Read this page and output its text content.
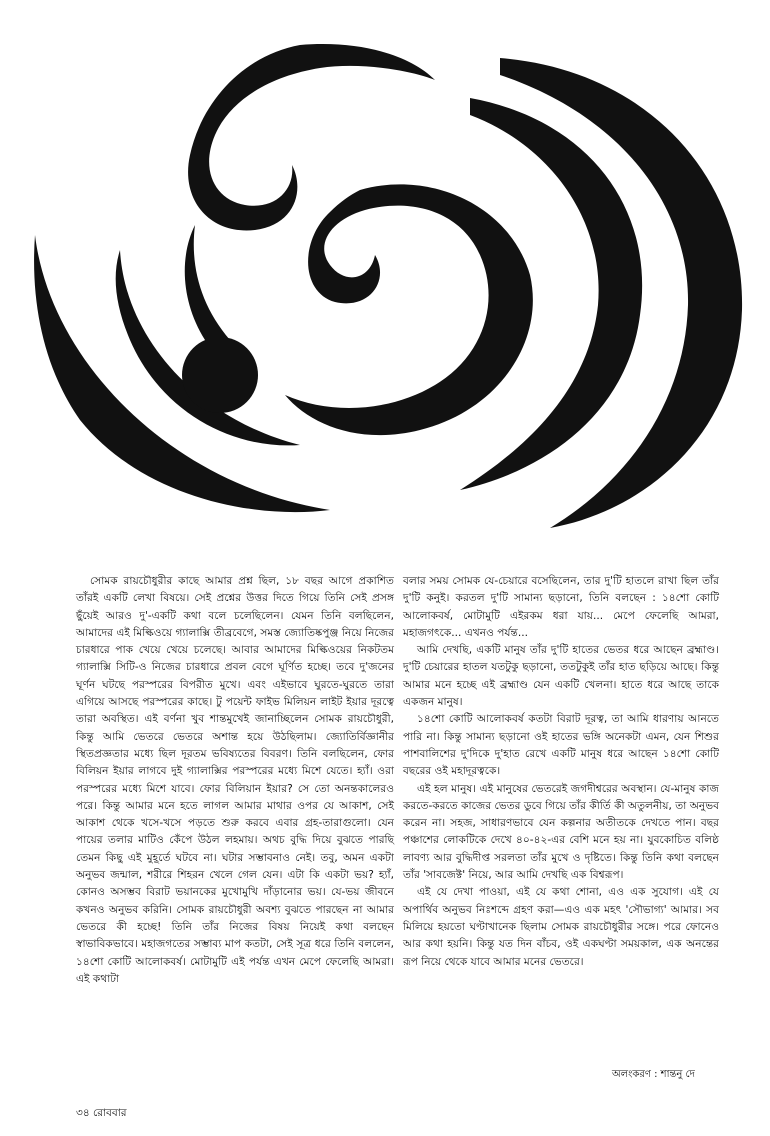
সোমক রায়চৌধুরীর কাছে আমার প্রশ্ন ছিল, ১৮ বছর আগে প্রকাশিত তাঁরই একটি লেখা বিষয়ে। সেই প্রশ্নের উত্তর দিতে গিয়ে তিনি সেই প্রসঙ্গ ছুঁয়েই আরও দু'-একটি কথা বলে চলেছিলেন। যেমন তিনি বলছিলেন, আমাদের এই মিল্কিওয়ে গ্যালাক্সি তীব্রবেগে, সমস্ত জ্যোতিষ্কপুঞ্জ নিয়ে নিজের চারধারে পাক খেয়ে খেয়ে চলেছে। আবার আমাদের মিল্কিওয়ের নিকটতম গ্যালাক্সি সিটি-ও নিজের চারধারে প্রবল বেগে ঘূর্ণিত হচ্ছে। তবে দু'জনের ঘূর্ণন ঘটছে পরস্পরের বিপরীত মুখে। এবং এইভাবে ঘুরতে-ঘুরতে তারা এগিয়ে আসছে পরস্পরের কাছে। টু পয়েন্ট ফাইভ মিলিয়ন লাইট ইয়ার দূরত্বে তারা অবস্থিত। এই বর্ণনা খুব শান্তমুখেই জানাচ্ছিলেন সোমক রায়চৌধুরী, কিন্তু আমি ভেতরে ভেতরে অশান্ত হয়ে উঠছিলাম। জ্যোতির্বিজ্ঞানীর স্থিতপ্রজ্ঞতার মধ্যে ছিল দূরতম ভবিষ্যতের বিবরণ। তিনি বলছিলেন, ফোর বিলিয়ন ইয়ার লাগবে দুই গ্যালাক্সির পরস্পরের মধ্যে মিশে যেতে। হ্যাঁ। ওরা পরস্পরের মধ্যে মিশে যাবে। ফোর বিলিয়ান ইয়ার? সে তো অনন্তকালেরও পরে। কিন্তু আমার মনে হতে লাগল আমার মাথার ওপর যে আকাশ, সেই আকাশ থেকে খসে-খসে পড়তে শুরু করবে এবার গ্রহ-তারাগুলো। যেন পায়ের তলার মাটিও কেঁপে উঠল লহমায়। অথচ বুদ্ধি দিয়ে বুঝতে পারছি তেমন কিছু এই মুহূর্তে ঘটবে না। ঘটার সম্ভাবনাও নেই। তবু, অমন একটা অনুভব জন্মাল, শরীরে শিহরন খেলে গেল যেন। এটা কি একটা ভয়? হ্যাঁ, কোনও অসম্ভব বিরাট ভয়ানকের মুখোমুখি দাঁড়ানোর ভয়। যে-ভয় জীবনে কখনও অনুভব করিনি। সোমক রায়চৌধুরী অবশ্য বুঝতে পারছেন না আমার ভেতরে কী হচ্ছে! তিনি তাঁর নিজের বিষয় নিয়েই কথা বলছেন স্বাভাবিকভাবে। মহাজগতের সম্ভাব্য মাপ কতটা, সেই সূত্র ধরে তিনি বললেন, ১৪শো কোটি আলোকবর্ষ। মোটামুটি এই পর্যন্ত এখন মেপে ফেলেছি আমরা। এই কথাটা

বলার সময় সোমক যে-চেয়ারে বসেছিলেন, তার দু'টি হাতলে রাখা ছিল তাঁর দু'টি কনুই। করতল দু'টি সামান্য ছড়ানো, তিনি বলছেন : ১৪শো কোটি আলোকবর্ষ, মোটামুটি এইরকম ধরা যায়... মেপে ফেলেছি আমরা, মহাজগৎকে... এখনও পর্যন্ত...

আমি দেখছি, একটি মানুষ তাঁর দু'টি হাতের ভেতর ধরে আছেন ব্রহ্মাণ্ড। দু'টি চেয়ারের হাতল যতটুকু ছড়ানো, ততটুকুই তাঁর হাত ছড়িয়ে আছে। কিন্তু আমার মনে হচ্ছে এই ব্রহ্মাণ্ড যেন একটি খেলনা। হাতে ধরে আছে তাকে একজন মানুষ।

১৪শো কোটি আলোকবর্ষ কতটা বিরাট দূরত্ব, তা আমি ধারণায় আনতে পারি না। কিন্তু সামান্য ছড়ানো ওই হাতের ভঙ্গি অনেকটা এমন, যেন শিশুর পাশবালিশের দু'দিকে দু'হাত রেখে একটি মানুষ ধরে আছেন ১৪শো কোটি বছরের ওই মহাদূরত্বকে।

এই হল মানুষ। এই মানুষের ভেতরেই জগদীশ্বরের অবস্থান। যে-মানুষ কাজ করতে-করতে কাজের ভেতর ডুবে গিয়ে তাঁর কীর্তি কী অতুলনীয়, তা অনুভব করেন না। সহজ, সাধারণভাবে যেন কল্পনার অতীতকে দেখতে পান। বছর পঞ্চাশের লোকটিকে দেখে ৪০-৪২-এর বেশি মনে হয় না। যুবকোচিত বলিষ্ঠ লাবণ্য আর বুদ্ধিদীপ্ত সরলতা তাঁর মুখে ও দৃষ্টিতে। কিন্তু তিনি কথা বলছেন তাঁর 'সাবজেক্ট' নিয়ে, আর আমি দেখছি এক বিশ্বরূপ।

এই যে দেখা পাওয়া, এই যে কথা শোনা, এও এক সুযোগ। এই যে অপার্থিব অনুভব নিঃশব্দে গ্রহণ করা—এও এক মহৎ 'সৌভাগ্য' আমার। সব মিলিয়ে হয়তো ঘণ্টাখানেক ছিলাম সোমক রায়চৌধুরীর সঙ্গে। পরে ফোনেও আর কথা হয়নি। কিন্তু যত দিন বাঁচব, ওই একঘণ্টা সময়কাল, এক অনন্তের রূপ নিয়ে থেকে যাবে আমার মনের ভেতরে।

অলংকরণ : শান্তনু দে
৩৪ রোববার
